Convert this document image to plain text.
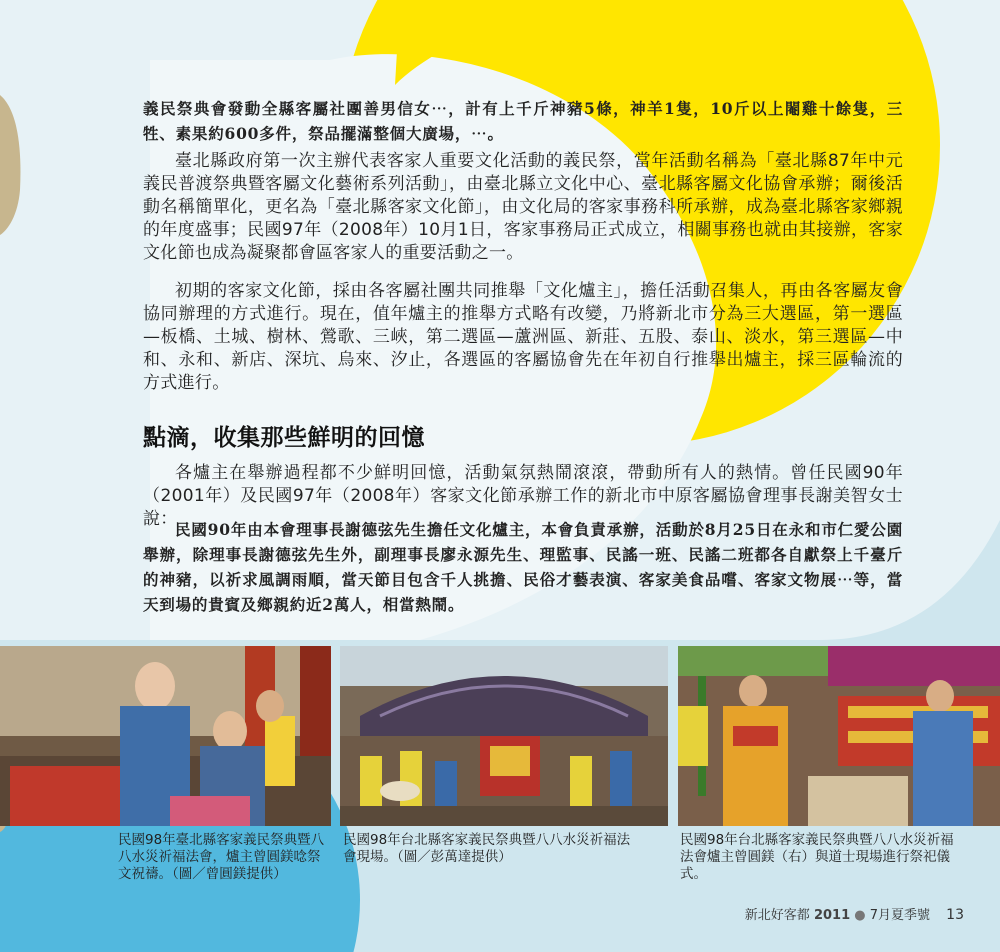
義民祭典會發動全縣客屬社團善男信女⋯，計有上千斤神豬5條，神羊1隻，10斤以上閹雞十餘隻，三牲、素果約600多件，祭品擺滿整個大廣場，⋯。

臺北縣政府第一次主辦代表客家人重要文化活動的義民祭，當年活動名稱為「臺北縣87年中元義民普渡祭典暨客屬文化藝術系列活動」，由臺北縣立文化中心、臺北縣客屬文化協會承辦；爾後活動名稱簡單化，更名為「臺北縣客家文化節」，由文化局的客家事務科所承辦，成為臺北縣客家鄉親的年度盛事；民國97年（2008年）10月1日，客家事務局正式成立，相關事務也就由其接辦，客家文化節也成為凝聚都會區客家人的重要活動之一。

初期的客家文化節，採由各客屬社團共同推舉「文化爐主」，擔任活動召集人，再由各客屬友會協同辦理的方式進行。現在，值年爐主的推舉方式略有改變，乃將新北市分為三大選區，第一選區—板橋、土城、樹林、鶯歌、三峽，第二選區—蘆洲區、新莊、五股、泰山、淡水，第三選區—中和、永和、新店、深坑、烏來、汐止，各選區的客屬協會先在年初自行推舉出爐主，採三區輪流的方式進行。

點滴，收集那些鮮明的回憶

各爐主在舉辦過程都不少鮮明回憶，活動氣氛熱鬧滾滾，帶動所有人的熱情。曾任民國90年（2001年）及民國97年（2008年）客家文化節承辦工作的新北市中原客屬協會理事長謝美智女士說：

民國90年由本會理事長謝德弦先生擔任文化爐主，本會負責承辦，活動於8月25日在永和市仁愛公園舉辦，除理事長謝德弦先生外，副理事長廖永源先生、理監事、民謠一班、民謠二班都各自獻祭上千臺斤的神豬，以祈求風調雨順，當天節目包含千人挑擔、民俗才藝表演、客家美食品嚐、客家文物展⋯等，當天到場的貴賓及鄉親約近2萬人，相當熱鬧。

民國98年臺北縣客家義民祭典暨八八水災祈福法會，爐主曾圓鎂唸祭文祝禱。（圖／曾圓鎂提供）

民國98年台北縣客家義民祭典暨八八水災祈福法會現場。（圖／彭萬達提供）

民國98年台北縣客家義民祭典暨八八水災祈福法會爐主曾圓鎂（右）與道士現場進行祭祀儀式。

新北好客都 2011 ● 7月夏季號 13
